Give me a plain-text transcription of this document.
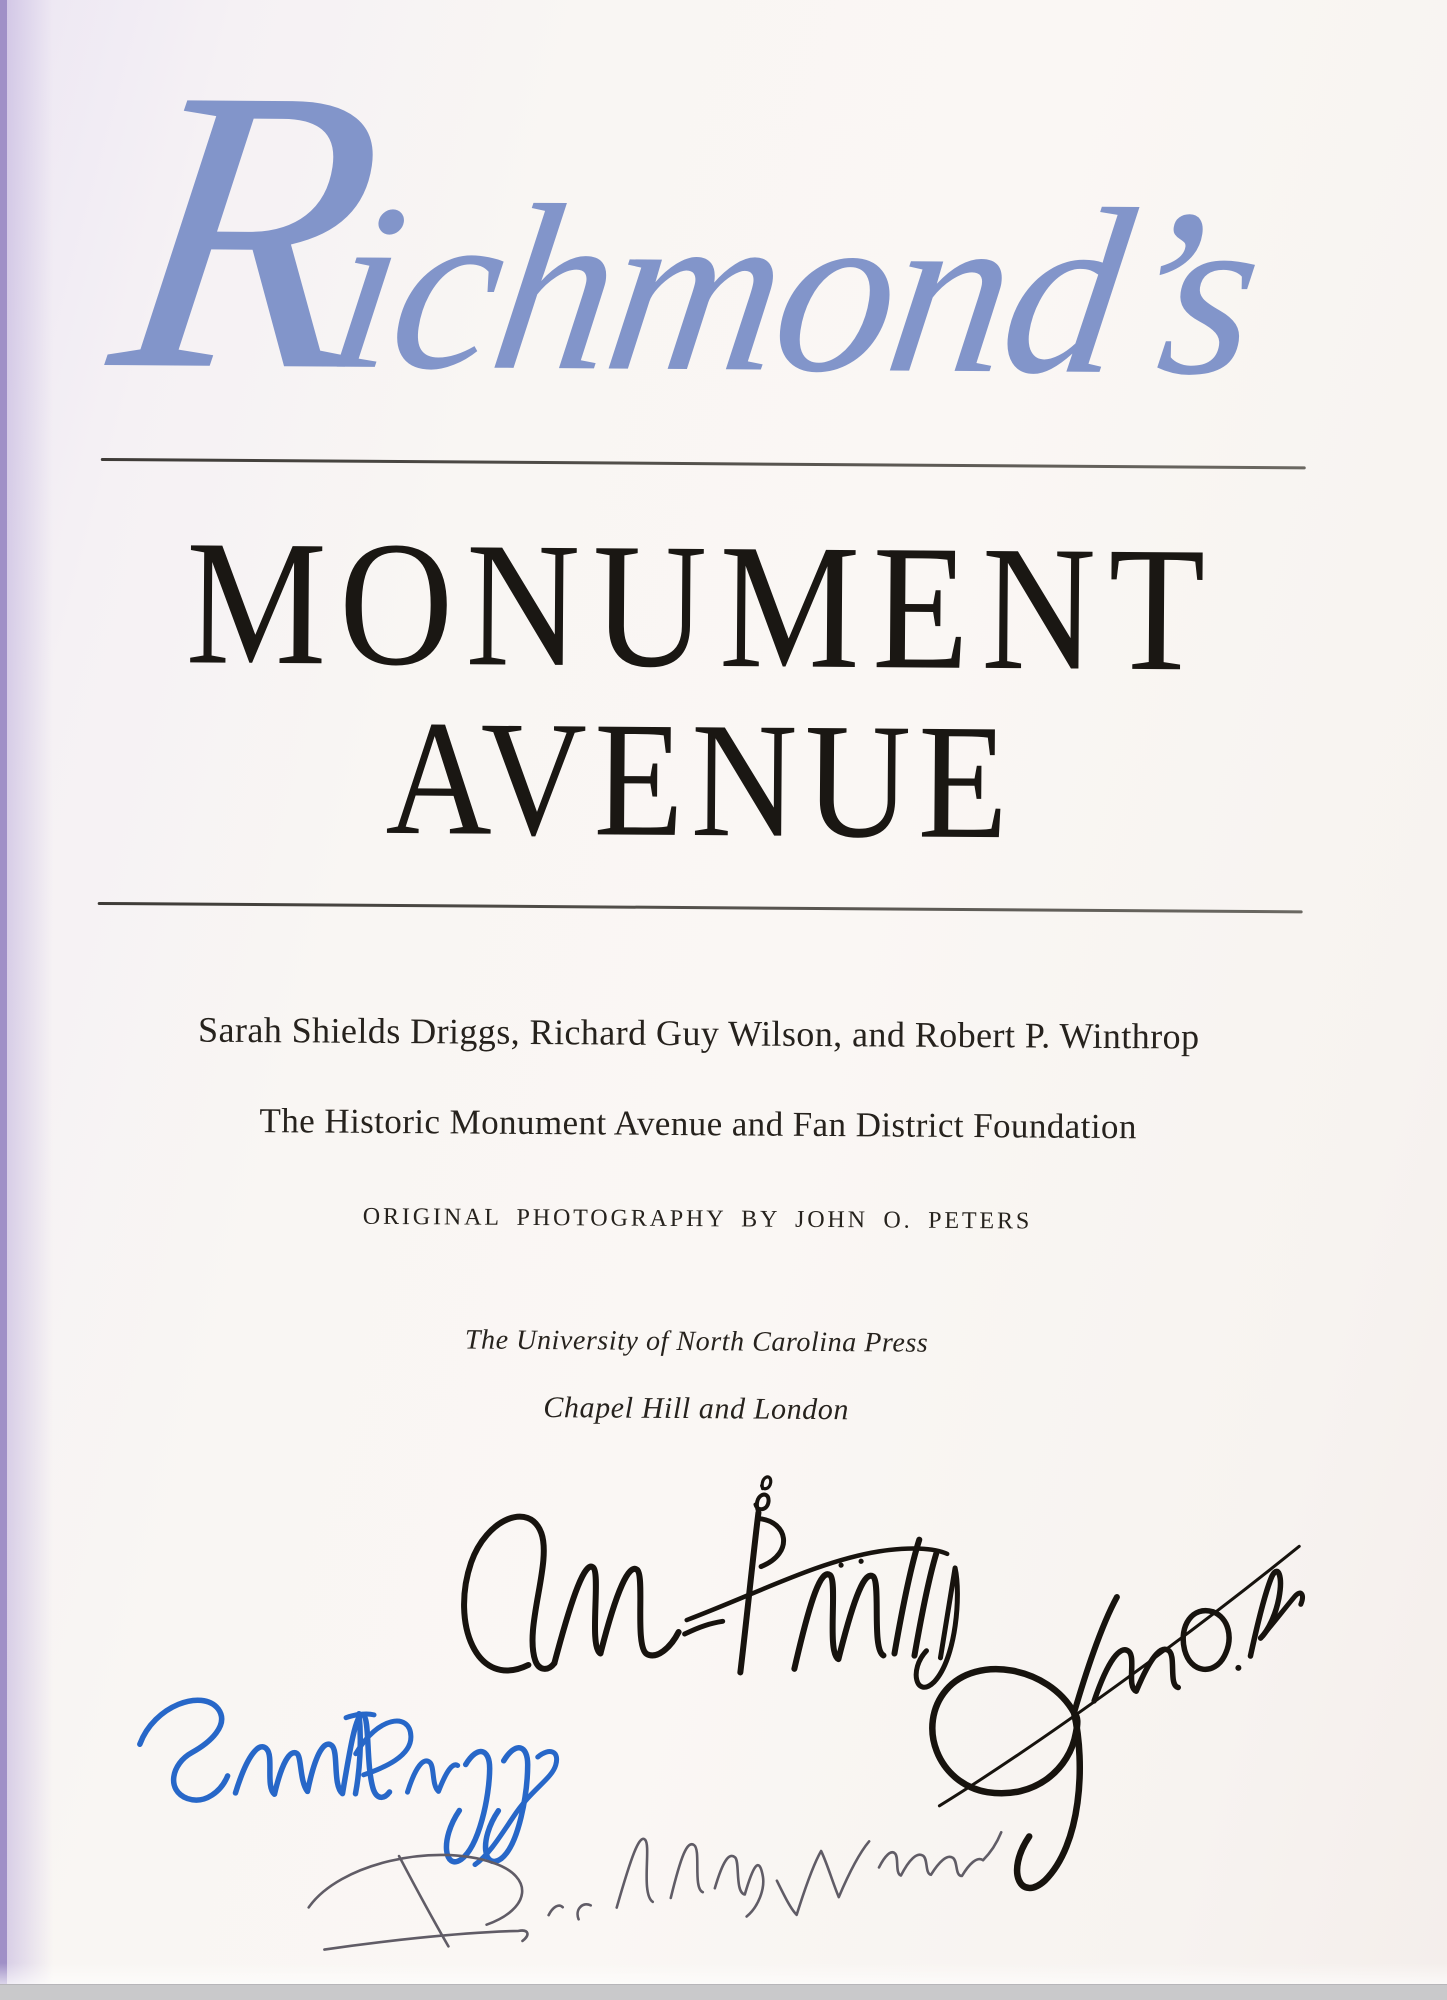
R
ichmond’s
MONUMENT
AVENUE
Sarah Shields Driggs, Richard Guy Wilson, and Robert P. Winthrop
The Historic Monument Avenue and Fan District Foundation
ORIGINAL PHOTOGRAPHY BY JOHN O. PETERS
The University of North Carolina Press
Chapel Hill and London
